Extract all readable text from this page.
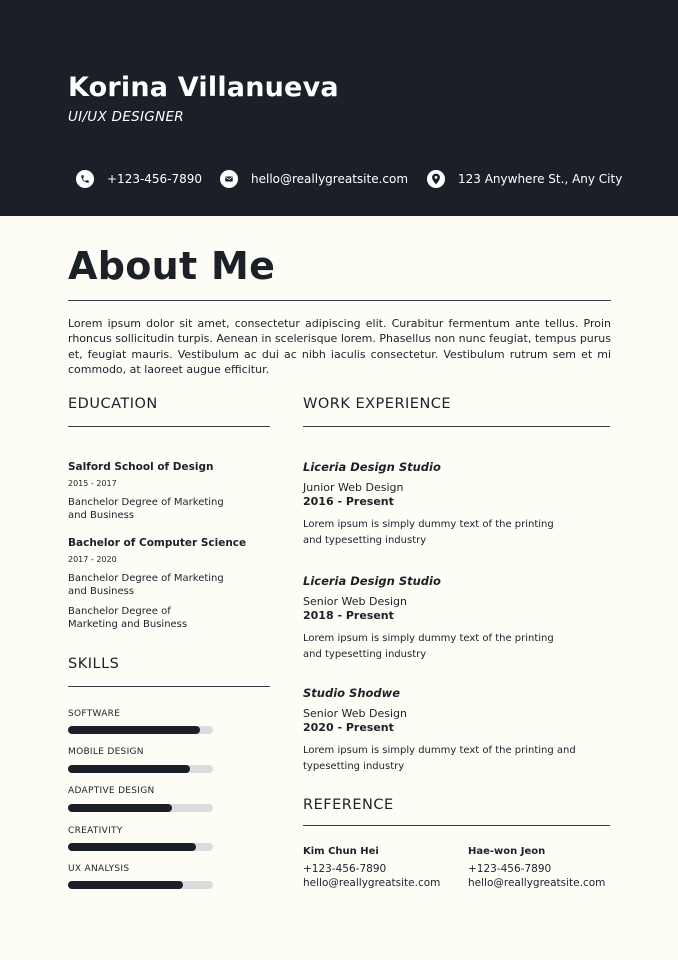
Korina Villanueva
UI/UX DESIGNER
+123-456-7890	hello@reallygreatsite.com	123 Anywhere St., Any City
About Me
Lorem ipsum dolor sit amet, consectetur adipiscing elit. Curabitur fermentum ante tellus. Proin rhoncus sollicitudin turpis. Aenean in scelerisque lorem. Phasellus non nunc feugiat, tempus purus et, feugiat mauris. Vestibulum ac dui ac nibh iaculis consectetur. Vestibulum rutrum sem et mi commodo, at laoreet augue efficitur.
EDUCATION
Salford School of Design
2015 - 2017
Banchelor Degree of Marketing and Business
Bachelor of Computer Science
2017 - 2020
Banchelor Degree of Marketing and Business
Banchelor Degree of Marketing and Business
SKILLS
SOFTWARE
MOBILE DESIGN
ADAPTIVE DESIGN
CREATIVITY
UX ANALYSIS
WORK EXPERIENCE
Liceria Design Studio
Junior Web Design
2016 - Present
Lorem ipsum is simply dummy text of the printing and typesetting industry
Liceria Design Studio
Senior Web Design
2018 - Present
Lorem ipsum is simply dummy text of the printing and typesetting industry
Studio Shodwe
Senior Web Design
2020 - Present
Lorem ipsum is simply dummy text of the printing and typesetting industry
REFERENCE
Kim Chun Hei
+123-456-7890
hello@reallygreatsite.com
Hae-won Jeon
+123-456-7890
hello@reallygreatsite.com
